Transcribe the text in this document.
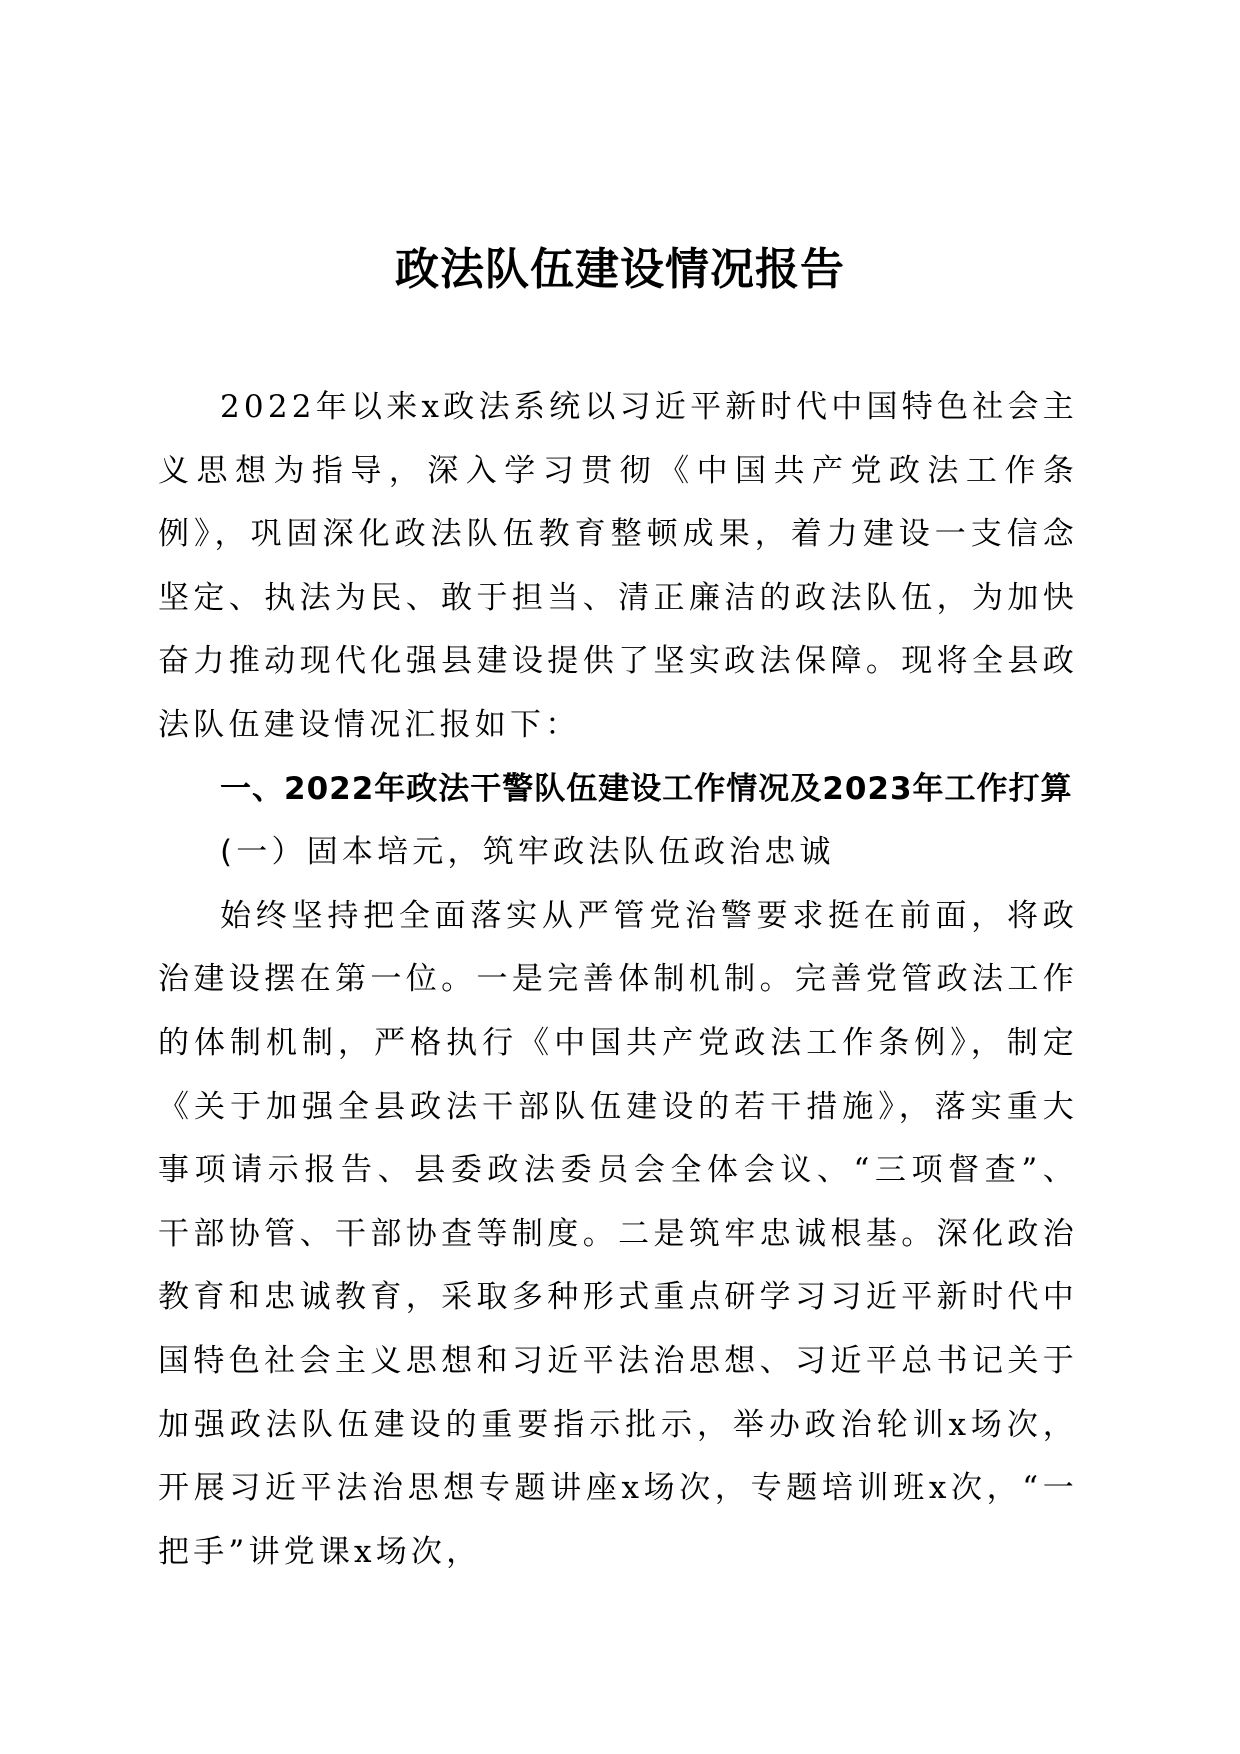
政法队伍建设情况报告

2022年以来x政法系统以习近平新时代中国特色社会主义思想为指导，深入学习贯彻《中国共产党政法工作条例》，巩固深化政法队伍教育整顿成果，着力建设一支信念坚定、执法为民、敢于担当、清正廉洁的政法队伍，为加快奋力推动现代化强县建设提供了坚实政法保障。现将全县政法队伍建设情况汇报如下：

一、2022年政法干警队伍建设工作情况及2023年工作打算
(一）固本培元，筑牢政法队伍政治忠诚

始终坚持把全面落实从严管党治警要求挺在前面，将政治建设摆在第一位。一是完善体制机制。完善党管政法工作的体制机制，严格执行《中国共产党政法工作条例》，制定《关于加强全县政法干部队伍建设的若干措施》，落实重大事项请示报告、县委政法委员会全体会议、“三项督查”、干部协管、干部协查等制度。二是筑牢忠诚根基。深化政治教育和忠诚教育，采取多种形式重点研学习习近平新时代中国特色社会主义思想和习近平法治思想、习近平总书记关于加强政法队伍建设的重要指示批示，举办政治轮训x场次，开展习近平法治思想专题讲座x场次，专题培训班x次，“一把手”讲党课x场次，
